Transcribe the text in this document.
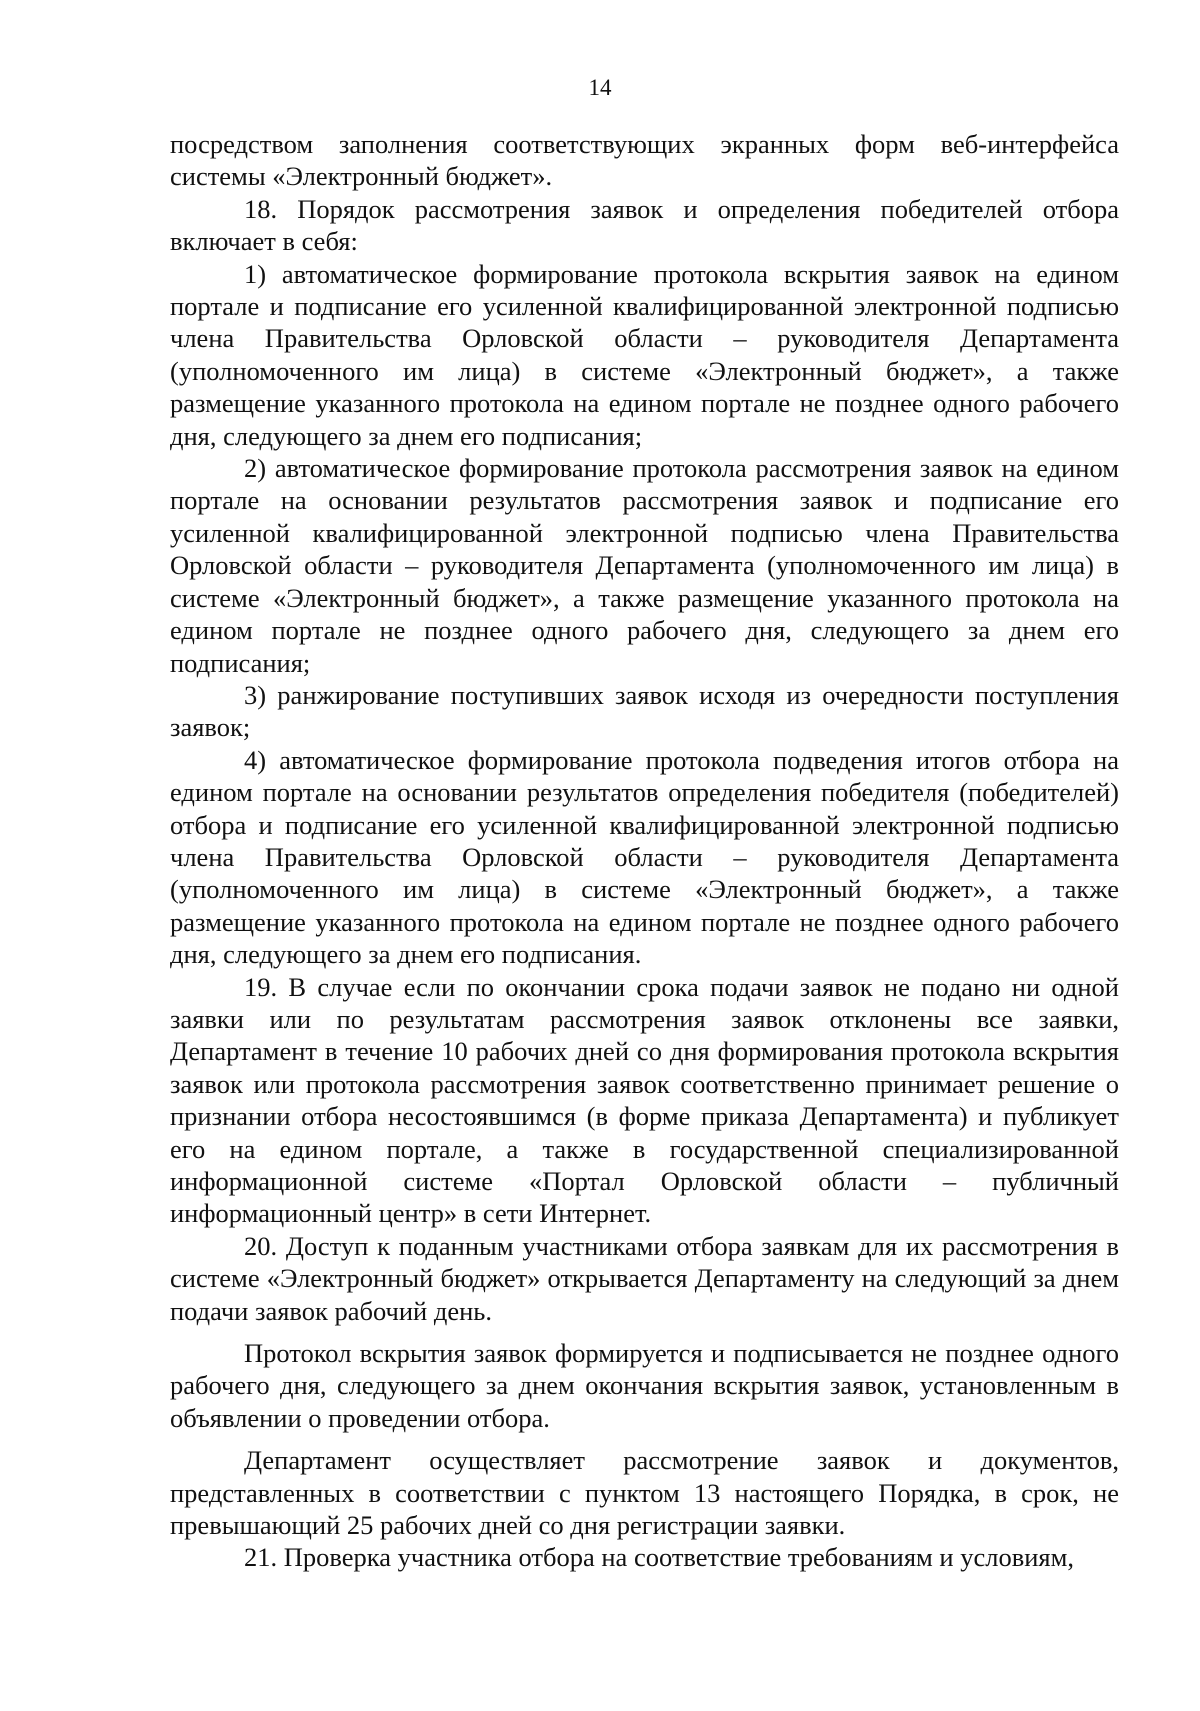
14

посредством заполнения соответствующих экранных форм веб-интерфейса системы «Электронный бюджет».

18. Порядок рассмотрения заявок и определения победителей отбора включает в себя:

1) автоматическое формирование протокола вскрытия заявок на едином портале и подписание его усиленной квалифицированной электронной подписью члена Правительства Орловской области – руководителя Департамента (уполномоченного им лица) в системе «Электронный бюджет», а также размещение указанного протокола на едином портале не позднее одного рабочего дня, следующего за днем его подписания;

2) автоматическое формирование протокола рассмотрения заявок на едином портале на основании результатов рассмотрения заявок и подписание его усиленной квалифицированной электронной подписью члена Правительства Орловской области – руководителя Департамента (уполномоченного им лица) в системе «Электронный бюджет», а также размещение указанного протокола на едином портале не позднее одного рабочего дня, следующего за днем его подписания;

3) ранжирование поступивших заявок исходя из очередности поступления заявок;

4) автоматическое формирование протокола подведения итогов отбора на едином портале на основании результатов определения победителя (победителей) отбора и подписание его усиленной квалифицированной электронной подписью члена Правительства Орловской области – руководителя Департамента (уполномоченного им лица) в системе «Электронный бюджет», а также размещение указанного протокола на едином портале не позднее одного рабочего дня, следующего за днем его подписания.

19. В случае если по окончании срока подачи заявок не подано ни одной заявки или по результатам рассмотрения заявок отклонены все заявки, Департамент в течение 10 рабочих дней со дня формирования протокола вскрытия заявок или протокола рассмотрения заявок соответственно принимает решение о признании отбора несостоявшимся (в форме приказа Департамента) и публикует его на едином портале, а также в государственной специализированной информационной системе «Портал Орловской области – публичный информационный центр» в сети Интернет.

20. Доступ к поданным участниками отбора заявкам для их рассмотрения в системе «Электронный бюджет» открывается Департаменту на следующий за днем подачи заявок рабочий день.

Протокол вскрытия заявок формируется и подписывается не позднее одного рабочего дня, следующего за днем окончания вскрытия заявок, установленным в объявлении о проведении отбора.

Департамент осуществляет рассмотрение заявок и документов, представленных в соответствии с пунктом 13 настоящего Порядка, в срок, не превышающий 25 рабочих дней со дня регистрации заявки.

21. Проверка участника отбора на соответствие требованиям и условиям,
